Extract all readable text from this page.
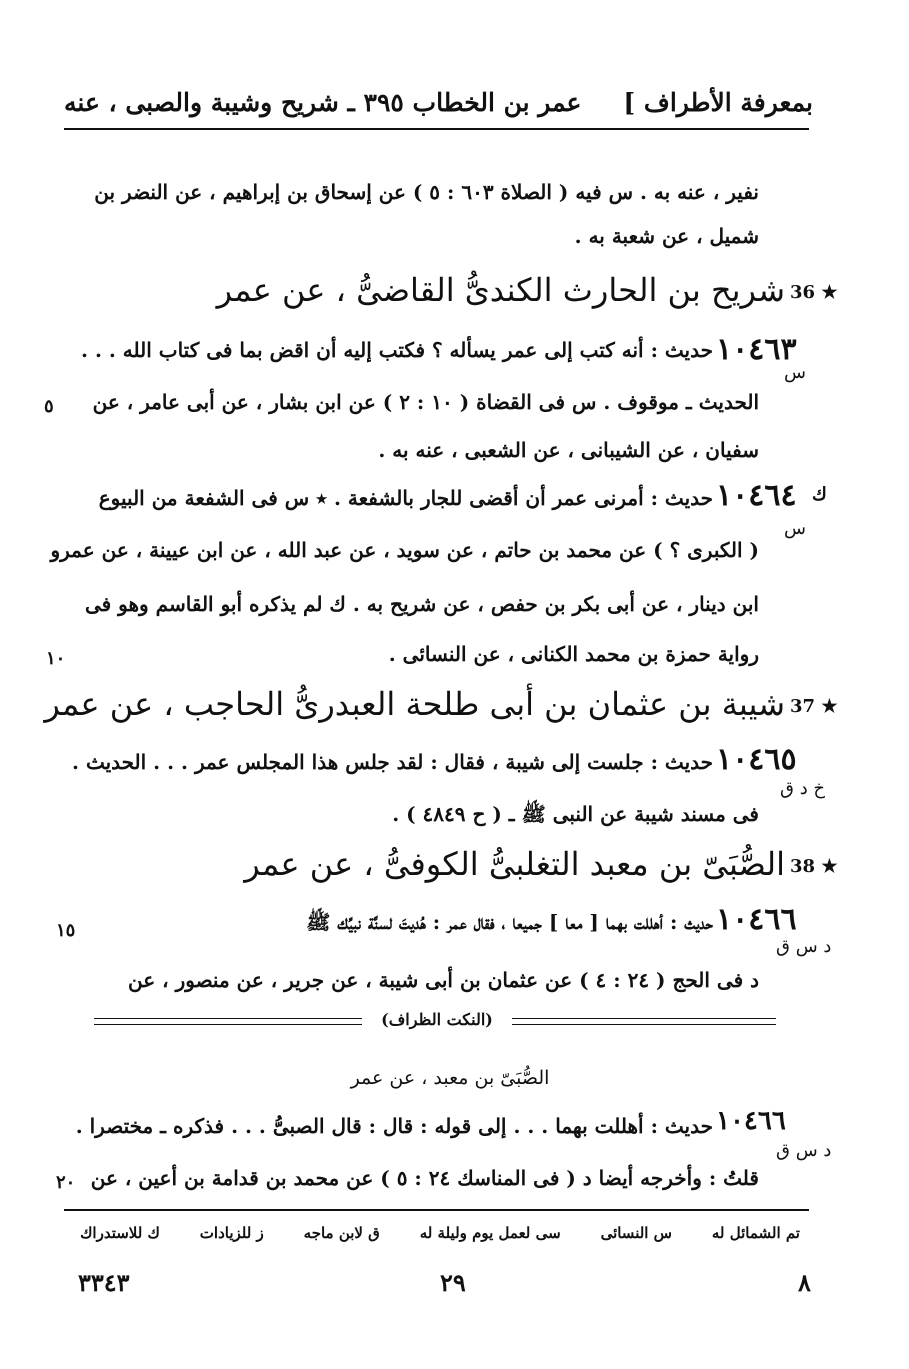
بمعرفة الأطراف ]
عمر بن الخطاب ٣٩٥ ـ شريح وشيبة والصبى ، عنه
نفير ، عنه به . س فيه ( الصلاة ٦٠٣ : ٥ ) عن إسحاق بن إبراهيم ، عن النضر بن
شميل ، عن شعبة به .
36 ★
شريح بن الحارث الكندىُّ القاضىُّ ، عن عمر
١٠٤٦٣
س
حديث : أنه كتب إلى عمر يسأله ؟ فكتب إليه أن اقض بما فى كتاب الله . . .
الحديث ـ موقوف . س فى القضاة ( ١٠ : ٢ ) عن ابن بشار ، عن أبى عامر ، عن
سفيان ، عن الشيبانى ، عن الشعبى ، عنه به .
٥
ك
١٠٤٦٤
س
حديث : أمرنى عمر أن أقضى للجار بالشفعة . ٭ س فى الشفعة من البيوع
( الكبرى ؟ ) عن محمد بن حاتم ، عن سويد ، عن عبد الله ، عن ابن عيينة ، عن عمرو
ابن دينار ، عن أبى بكر بن حفص ، عن شريح به . ك لم يذكره أبو القاسم وهو فى
رواية حمزة بن محمد الكنانى ، عن النسائى .
١٠
37 ★
شيبة بن عثمان بن أبى طلحة العبدرىُّ الحاجب ، عن عمر
١٠٤٦٥
خ د ق
حديث : جلست إلى شيبة ، فقال : لقد جلس هذا المجلس عمر . . . الحديث .
فى مسند شيبة عن النبى ﷺ ـ ( ح ٤٨٤٩ ) .
38 ★
الصُّبَىّ بن معبد التغلبىُّ الكوفىُّ ، عن عمر
١٠٤٦٦
د س ق
حديث : أهللت بهما [ معا ] جميعا ، فقال عمر : هُديتَ لسنَّة نبيِّك ﷺ
د فى الحج ( ٢٤ : ٤ ) عن عثمان بن أبى شيبة ، عن جرير ، عن منصور ، عن
١٥
(النكت الظراف)
الصُّبَىّ بن معبد ، عن عمر
١٠٤٦٦
د س ق
حديث : أهللت بهما . . . إلى قوله : قال : قال الصبىُّ . . . فذكره ـ مختصرا .
قلتُ : وأخرجه أيضا د ( فى المناسك ٢٤ : ٥ ) عن محمد بن قدامة بن أعين ، عن
٢٠
تم الشمائل له
س النسائى
سى لعمل يوم وليلة له
ق لابن ماجه
ز للزيادات
ك للاستدراك
٨
٢٩
٣٣٤٣
